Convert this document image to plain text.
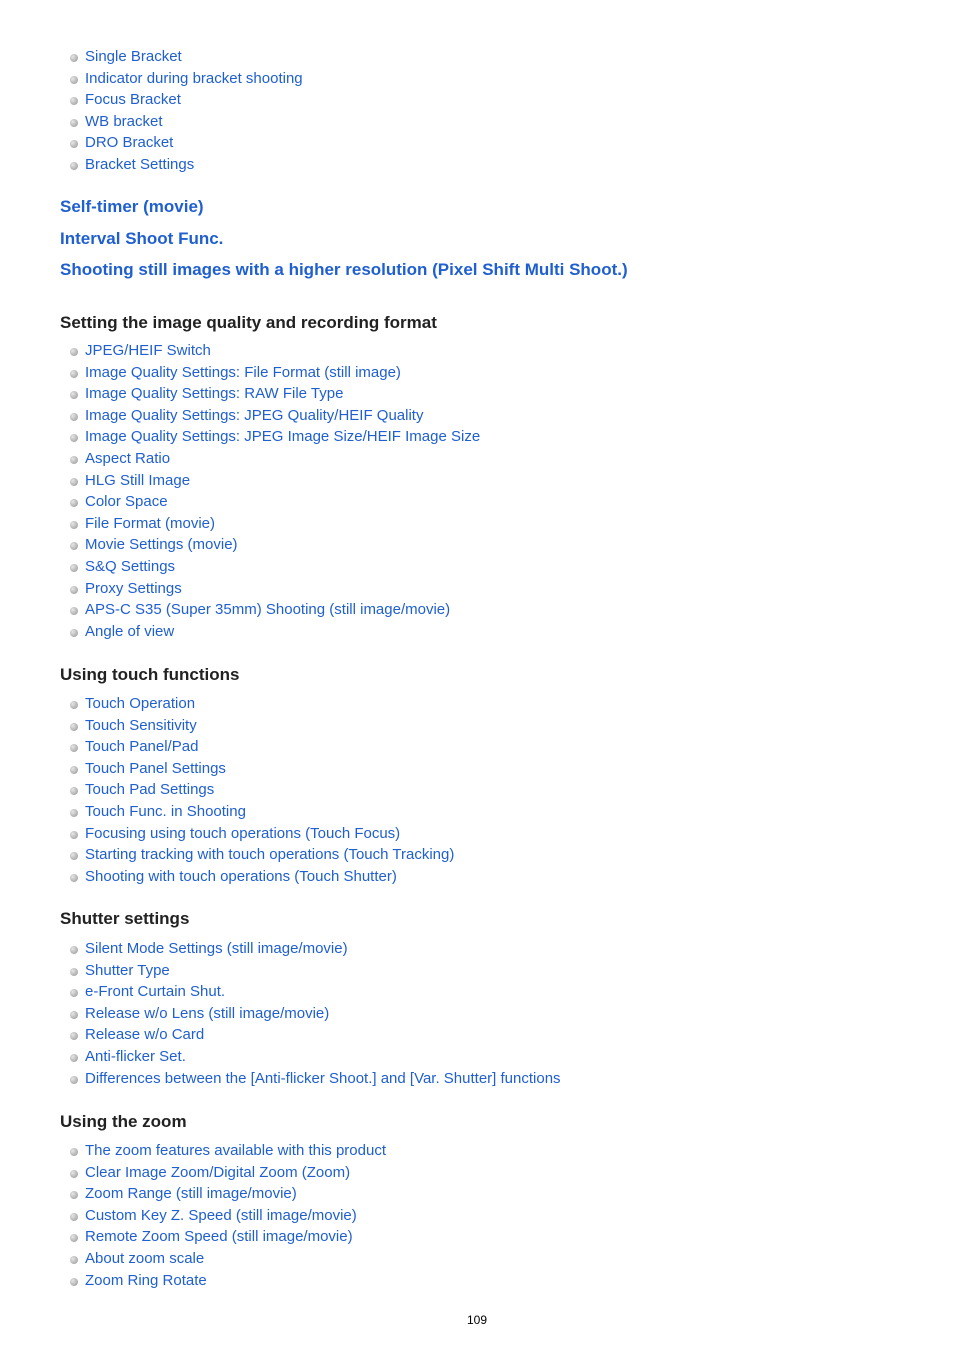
Single Bracket
Indicator during bracket shooting
Focus Bracket
WB bracket
DRO Bracket
Bracket Settings
Self-timer (movie)
Interval Shoot Func.
Shooting still images with a higher resolution (Pixel Shift Multi Shoot.)
Setting the image quality and recording format
JPEG/HEIF Switch
Image Quality Settings: File Format (still image)
Image Quality Settings: RAW File Type
Image Quality Settings: JPEG Quality/HEIF Quality
Image Quality Settings: JPEG Image Size/HEIF Image Size
Aspect Ratio
HLG Still Image
Color Space
File Format (movie)
Movie Settings (movie)
S&Q Settings
Proxy Settings
APS-C S35 (Super 35mm) Shooting (still image/movie)
Angle of view
Using touch functions
Touch Operation
Touch Sensitivity
Touch Panel/Pad
Touch Panel Settings
Touch Pad Settings
Touch Func. in Shooting
Focusing using touch operations (Touch Focus)
Starting tracking with touch operations (Touch Tracking)
Shooting with touch operations (Touch Shutter)
Shutter settings
Silent Mode Settings (still image/movie)
Shutter Type
e-Front Curtain Shut.
Release w/o Lens (still image/movie)
Release w/o Card
Anti-flicker Set.
Differences between the [Anti-flicker Shoot.] and [Var. Shutter] functions
Using the zoom
The zoom features available with this product
Clear Image Zoom/Digital Zoom (Zoom)
Zoom Range (still image/movie)
Custom Key Z. Speed (still image/movie)
Remote Zoom Speed (still image/movie)
About zoom scale
Zoom Ring Rotate
109
